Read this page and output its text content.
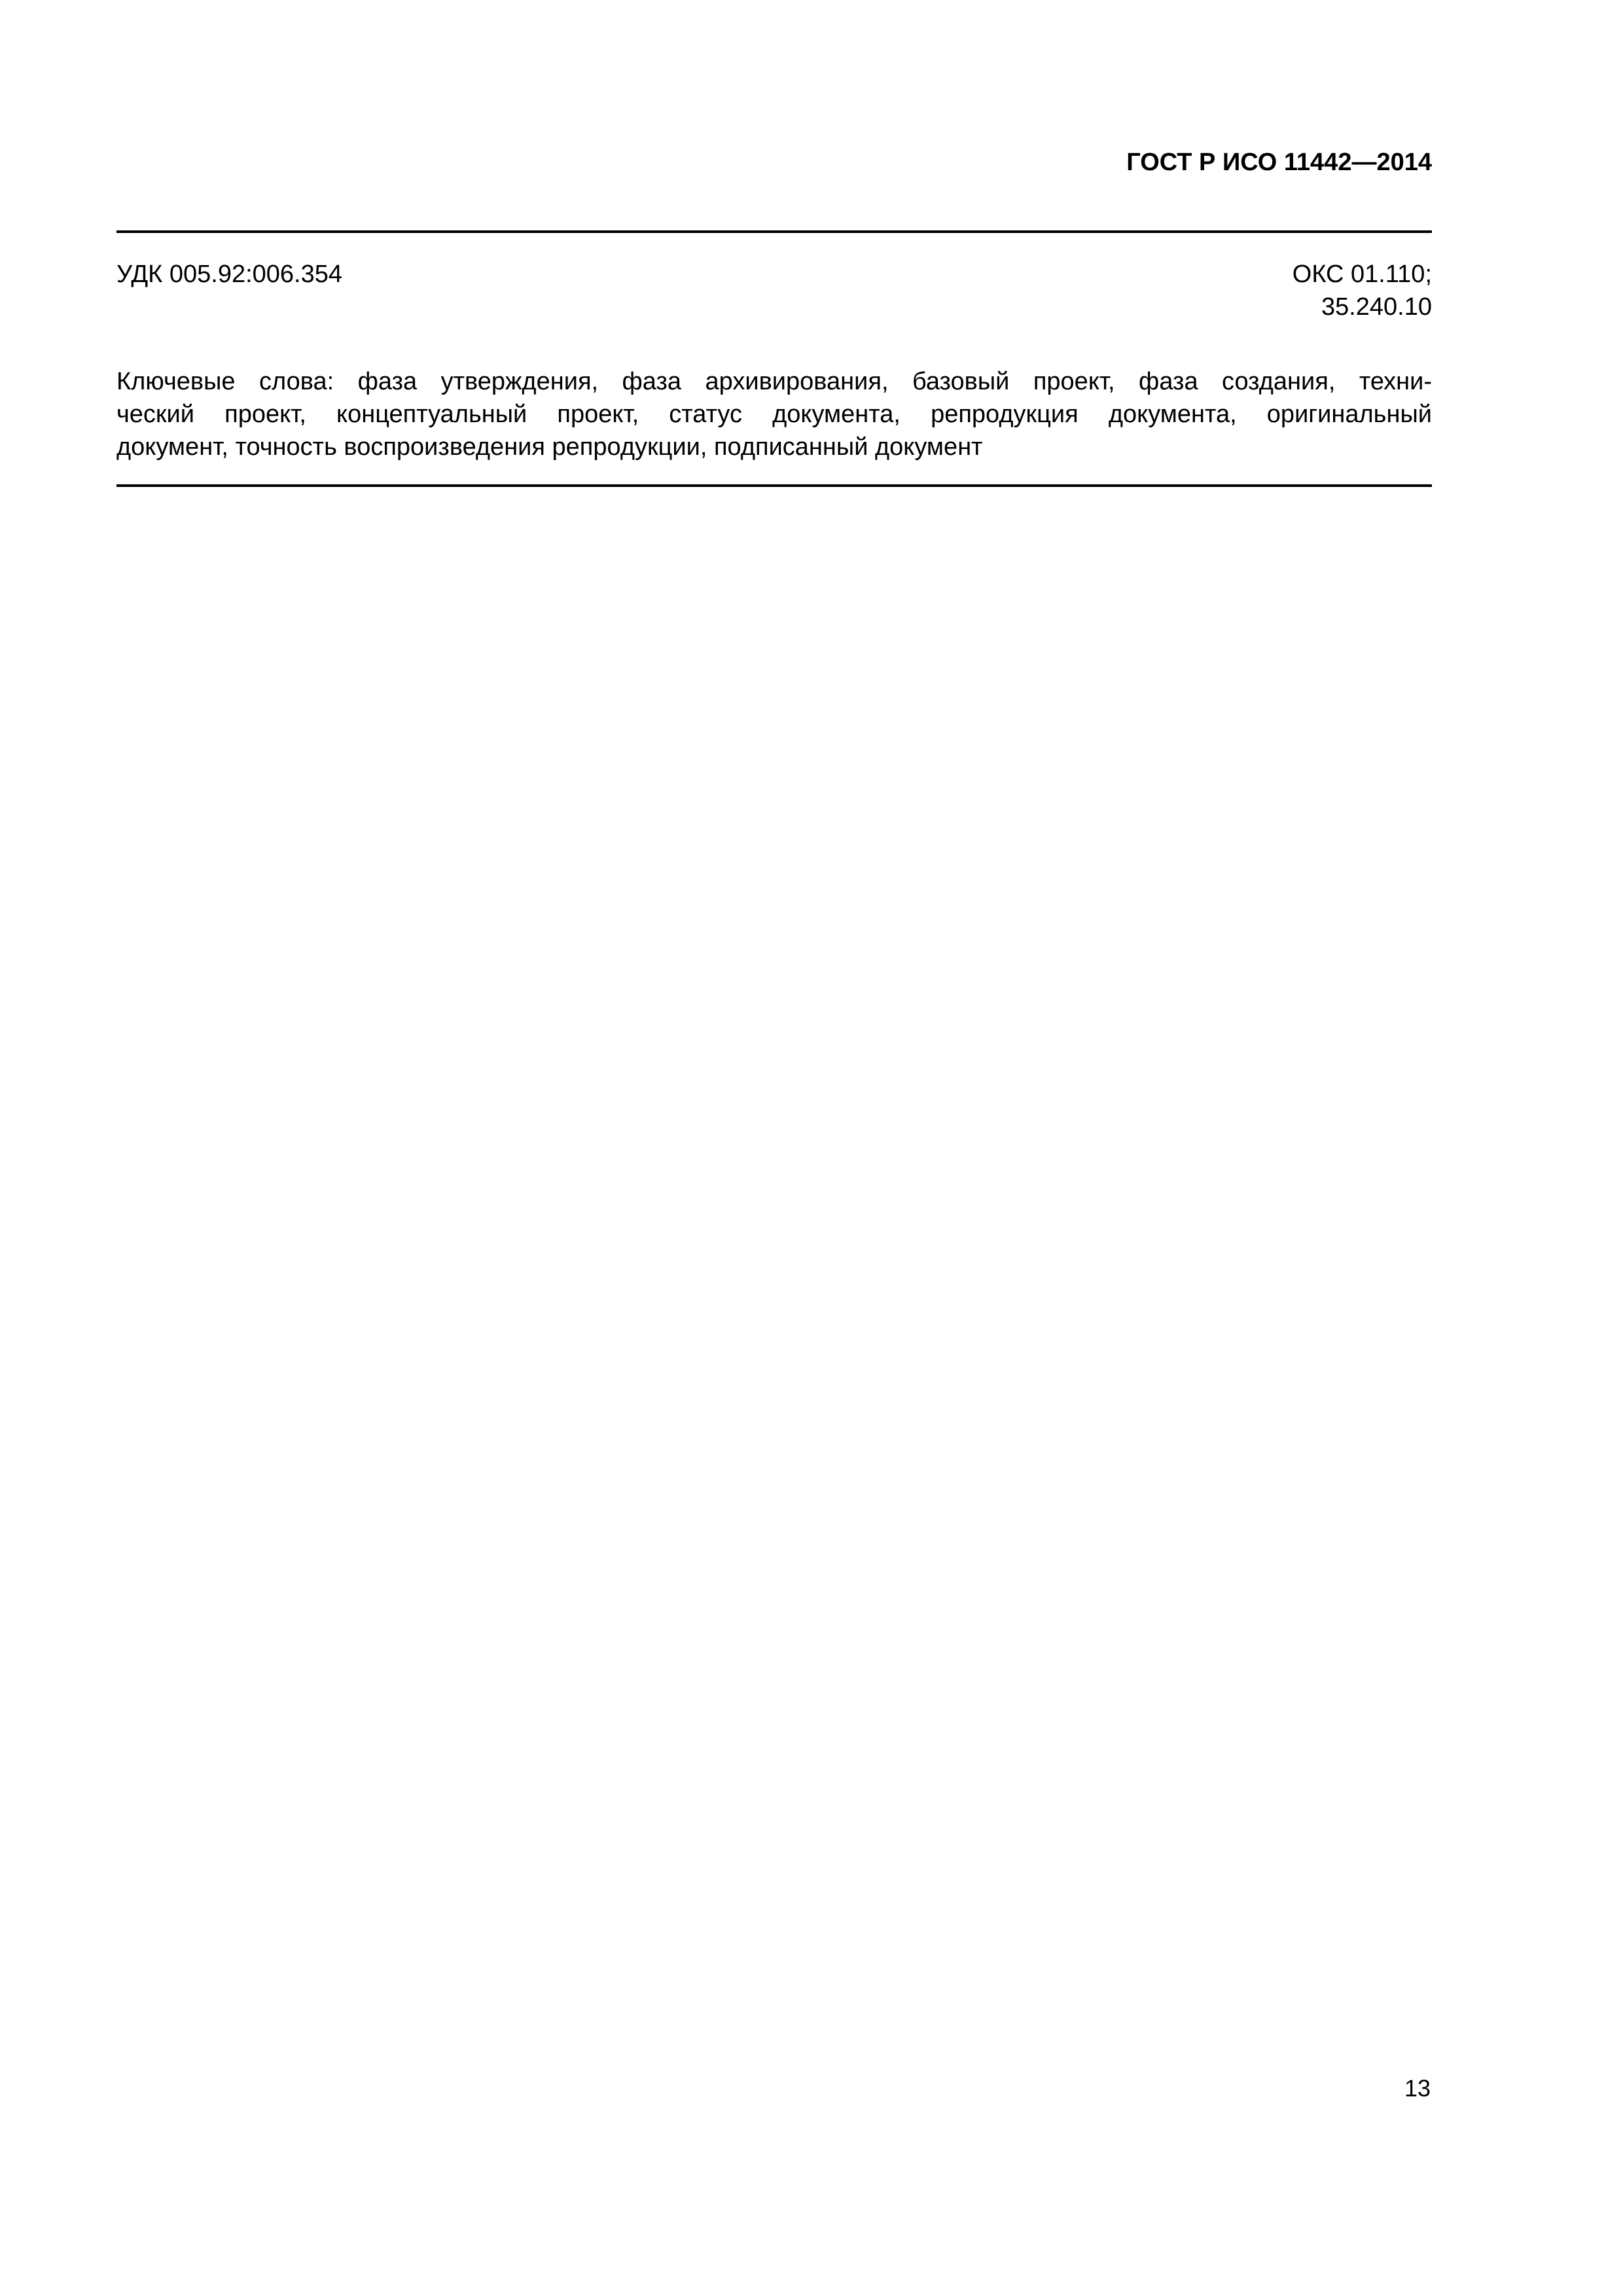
ГОСТ Р ИСО 11442—2014
УДК 005.92:006.354	ОКС 01.110;
35.240.10
Ключевые слова: фаза утверждения, фаза архивирования, базовый проект, фаза создания, техни-
ческий проект, концептуальный проект, статус документа, репродукция документа, оригинальный
документ, точность воспроизведения репродукции, подписанный документ
13
